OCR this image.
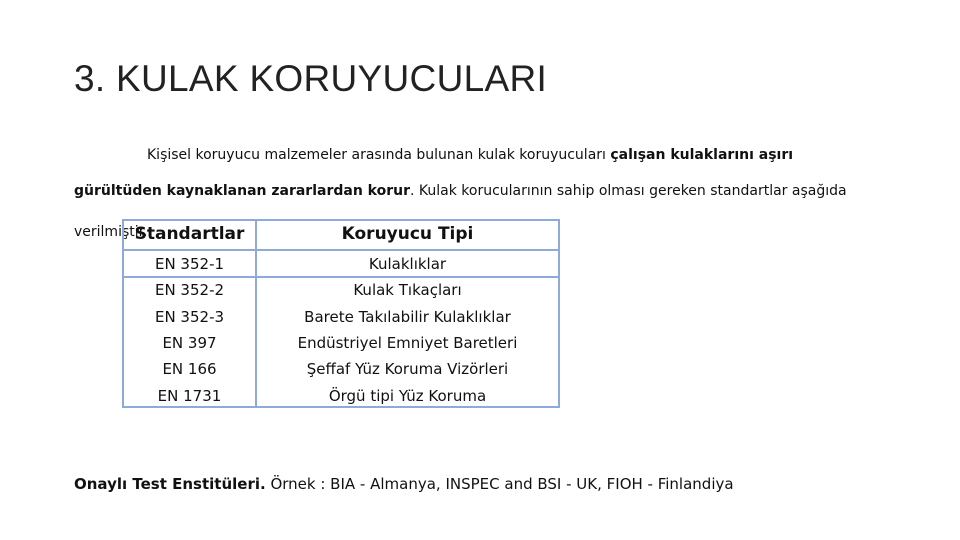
3. KULAK KORUYUCULARI
Kişisel koruyucu malzemeler arasında bulunan kulak koruyucuları çalışan kulaklarını aşırı
gürültüden kaynaklanan zararlardan korur. Kulak korucularının sahip olması gereken standartlar aşağıda
verilmiştir.
Standartlar	Koruyucu Tipi
EN 352-1	Kulaklıklar
EN 352-2	Kulak Tıkaçları
EN 352-3	Barete Takılabilir Kulaklıklar
EN 397	Endüstriyel Emniyet Baretleri
EN 166	Şeffaf Yüz Koruma Vizörleri
EN 1731	Örgü tipi Yüz Koruma
Onaylı Test Enstitüleri. Örnek : BIA - Almanya, INSPEC and BSI - UK, FIOH - Finlandiya
